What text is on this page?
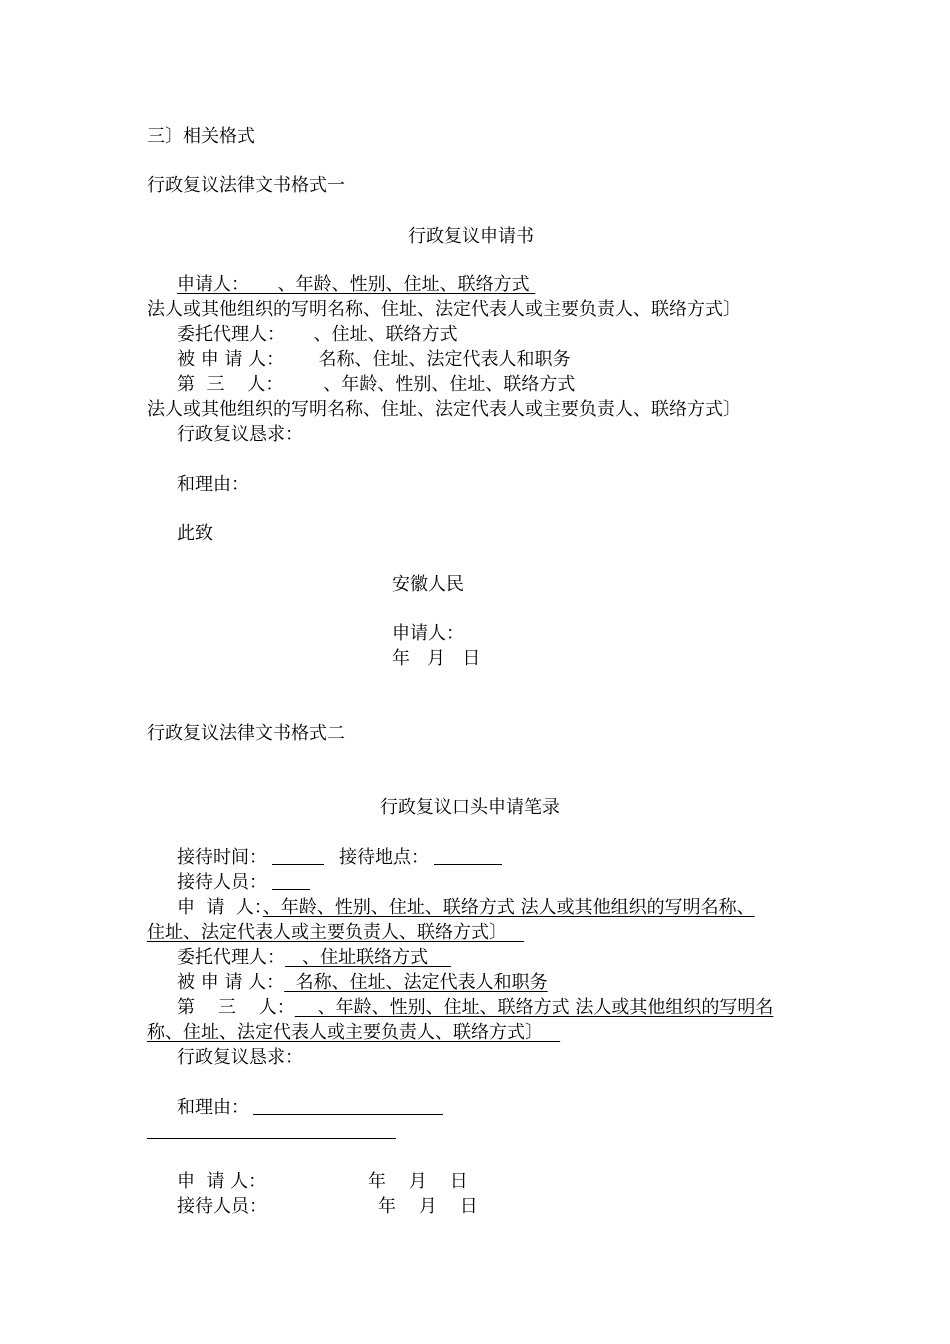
三〕相关格式
行政复议法律文书格式一
行政复议申请书
申请人：     、年龄、性别、住址、联络方式
法人或其他组织的写明名称、住址、法定代表人或主要负责人、联络方式〕
委托代理人：     、住址、联络方式
被 申 请 人：      名称、住址、法定代表人和职务
第  三    人：       、年龄、性别、住址、联络方式
法人或其他组织的写明名称、住址、法定代表人或主要负责人、联络方式〕
行政复议恳求：
和理由：
此致
安徽人民
申请人：
年   月   日
行政复议法律文书格式二
行政复议口头申请笔录
接待时间：	接待地点：
接待人员：
申  请  人：、年龄、性别、住址、联络方式 法人或其他组织的写明名称、
住址、法定代表人或主要负责人、联络方式〕
委托代理人：   、住址联络方式
被 申 请 人：  名称、住址、法定代表人和职务
第    三    人：    、年龄、性别、住址、联络方式 法人或其他组织的写明名
称、住址、法定代表人或主要负责人、联络方式〕
行政复议恳求：
和理由：
申  请 人：	年    月    日
接待人员：	年    月    日
